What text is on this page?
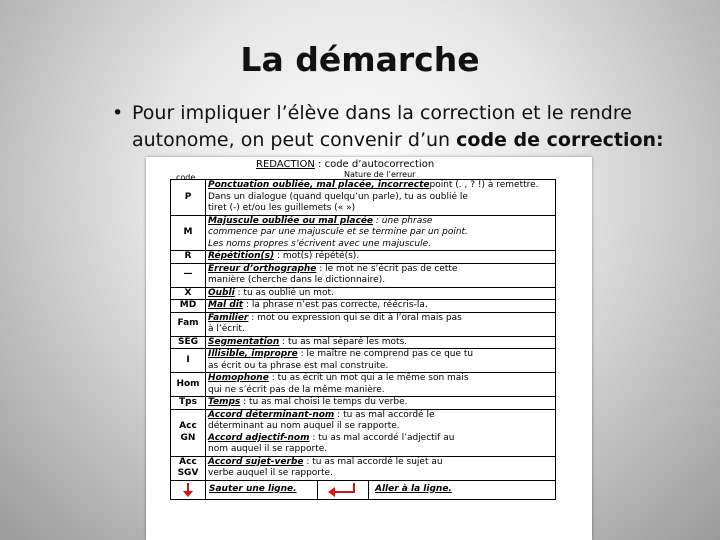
La démarche
• Pour impliquer l’élève dans la correction et le rendre autonome, on peut convenir d’un code de correction:
REDACTION : code d’autocorrection
Nature de l’erreur
code
P	Ponctuation oubliée, mal placée, incorrectepoint (. , ? !) à remettre.
Dans un dialogue (quand quelqu’un parle), tu as oublié le
tiret (-) et/ou les guillemets (« »)

M	Majuscule oubliée ou mal placée : une phrase
commence par une majuscule et se termine par un point.
Les noms propres s’écrivent avec une majuscule.

R	Répétition(s) : mot(s) répété(s).

—	Erreur d’orthographe : le mot ne s’écrit pas de cette
manière (cherche dans le dictionnaire).

X	Oubli : tu as oublié un mot.

MD	Mal dit : la phrase n’est pas correcte, réécris-la.

Fam	Familier : mot ou expression qui se dit à l’oral mais pas
à l’écrit.

SEG	Segmentation : tu as mal séparé les mots.

I	Illisible, impropre : le maître ne comprend pas ce que tu
as écrit ou ta phrase est mal construite.

Hom	Homophone : tu as écrit un mot qui a le même son mais
qui ne s’écrit pas de la même manière.

Tps	Temps : tu as mal choisi le temps du verbe.

Acc
GN	Accord déterminant-nom : tu as mal accordé le
déterminant au nom auquel il se rapporte.
Accord adjectif-nom : tu as mal accordé l’adjectif au
nom auquel il se rapporte.

Acc
SGV	Accord sujet-verbe : tu as mal accordé le sujet au
verbe auquel il se rapporte.

Sauter une ligne. Aller à la ligne.
